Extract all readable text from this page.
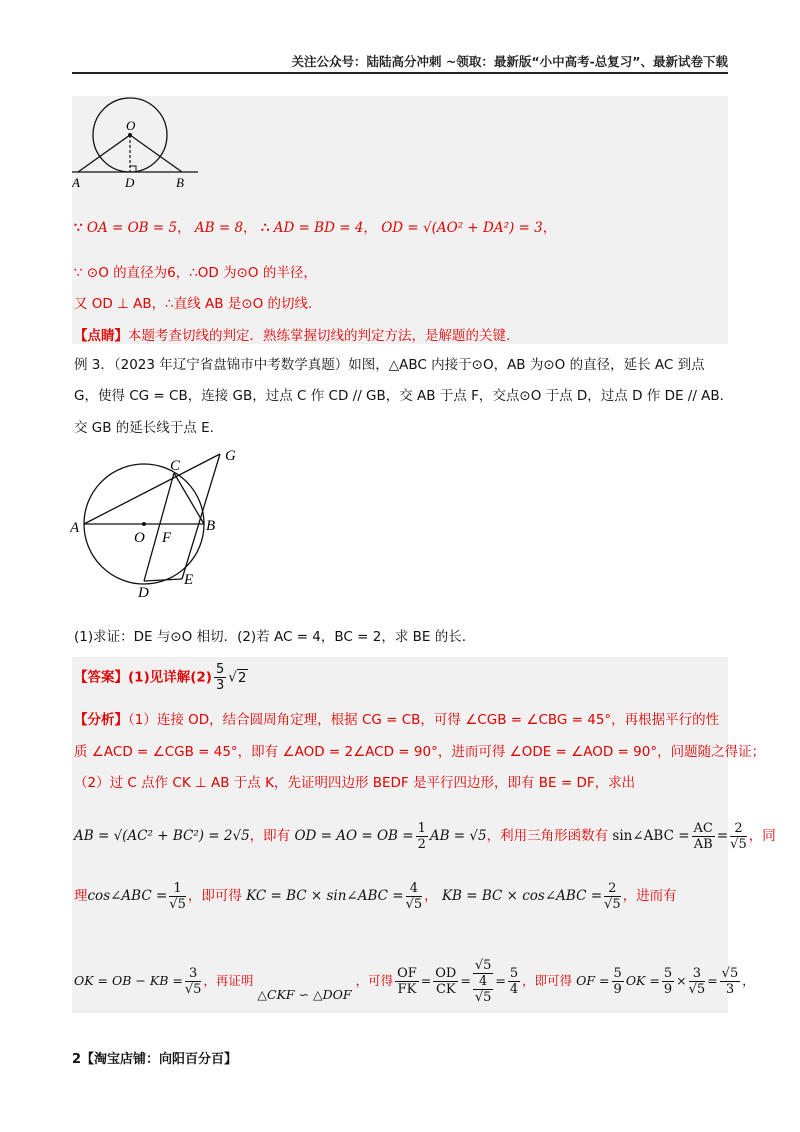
关注公众号：陆陆高分冲刺 ~领取：最新版“小中高考-总复习”、最新试卷下载
O
A	D	B
∵ OA = OB = 5， AB = 8， ∴ AD = BD = 4， OD = √(AO² + DA²) = 3，
∵ ⊙O 的直径为6，∴OD 为⊙O 的半径，
又 OD ⊥ AB，∴直线 AB 是⊙O 的切线.
【点睛】本题考查切线的判定．熟练掌握切线的判定方法，是解题的关键.
例 3．（2023 年辽宁省盘锦市中考数学真题）如图，△ABC 内接于⊙O，AB 为⊙O 的直径，延长 AC 到点
G，使得 CG = CB，连接 GB，过点 C 作 CD // GB，交 AB 于点 F，交点⊙O 于点 D，过点 D 作 DE // AB．
交 GB 的延长线于点 E.
A	B
C
G
O F
D
E
(1)求证：DE 与⊙O 相切．(2)若 AC = 4，BC = 2，求 BE 的长.
【答案】(1)见详解$(2) \frac{5}{3} √2$
【分析】（1）连接 OD，结合圆周角定理，根据 CG = CB，可得 ∠CGB = ∠CBG = 45°，再根据平行的性
质 ∠ACD = ∠CGB = 45°，即有 ∠AOD = 2∠ACD = 90°，进而可得 ∠ODE = ∠AOD = 90°，问题随之得证；
（2）过 C 点作 CK ⊥ AB 于点 K，先证明四边形 BEDF 是平行四边形，即有 BE = DF，求出
AB = √(AC² + BC²) = 2√5，即有 OD = AO = OB = $\frac{1}{2}$ AB = √5，利用三角形函数有 sin∠ABC = $\frac{AC}{AB} = \frac{2}{√5}$ ，同
理cos∠ABC = $\frac{1}{√5}$ ，即可得 KC = BC × sin∠ABC = $\frac{4}{√5}$ ， KB = BC × cos∠ABC = $\frac{2}{√5}$ ，进而有
OK = OB − KB = $\frac{3}{√5}$ ，再证明 △CKF ∽ △DOF ，可得 $\frac{OF}{FK} = \frac{OD}{CK}$ =
√5
4
√5
= $\frac{5}{4}$ ，即可得 OF = $\frac{5}{9}$ OK = $\frac{5}{9} \times \frac{3}{√5} = \frac{√5}{3}$ ，
2【淘宝店铺：向阳百分百】
